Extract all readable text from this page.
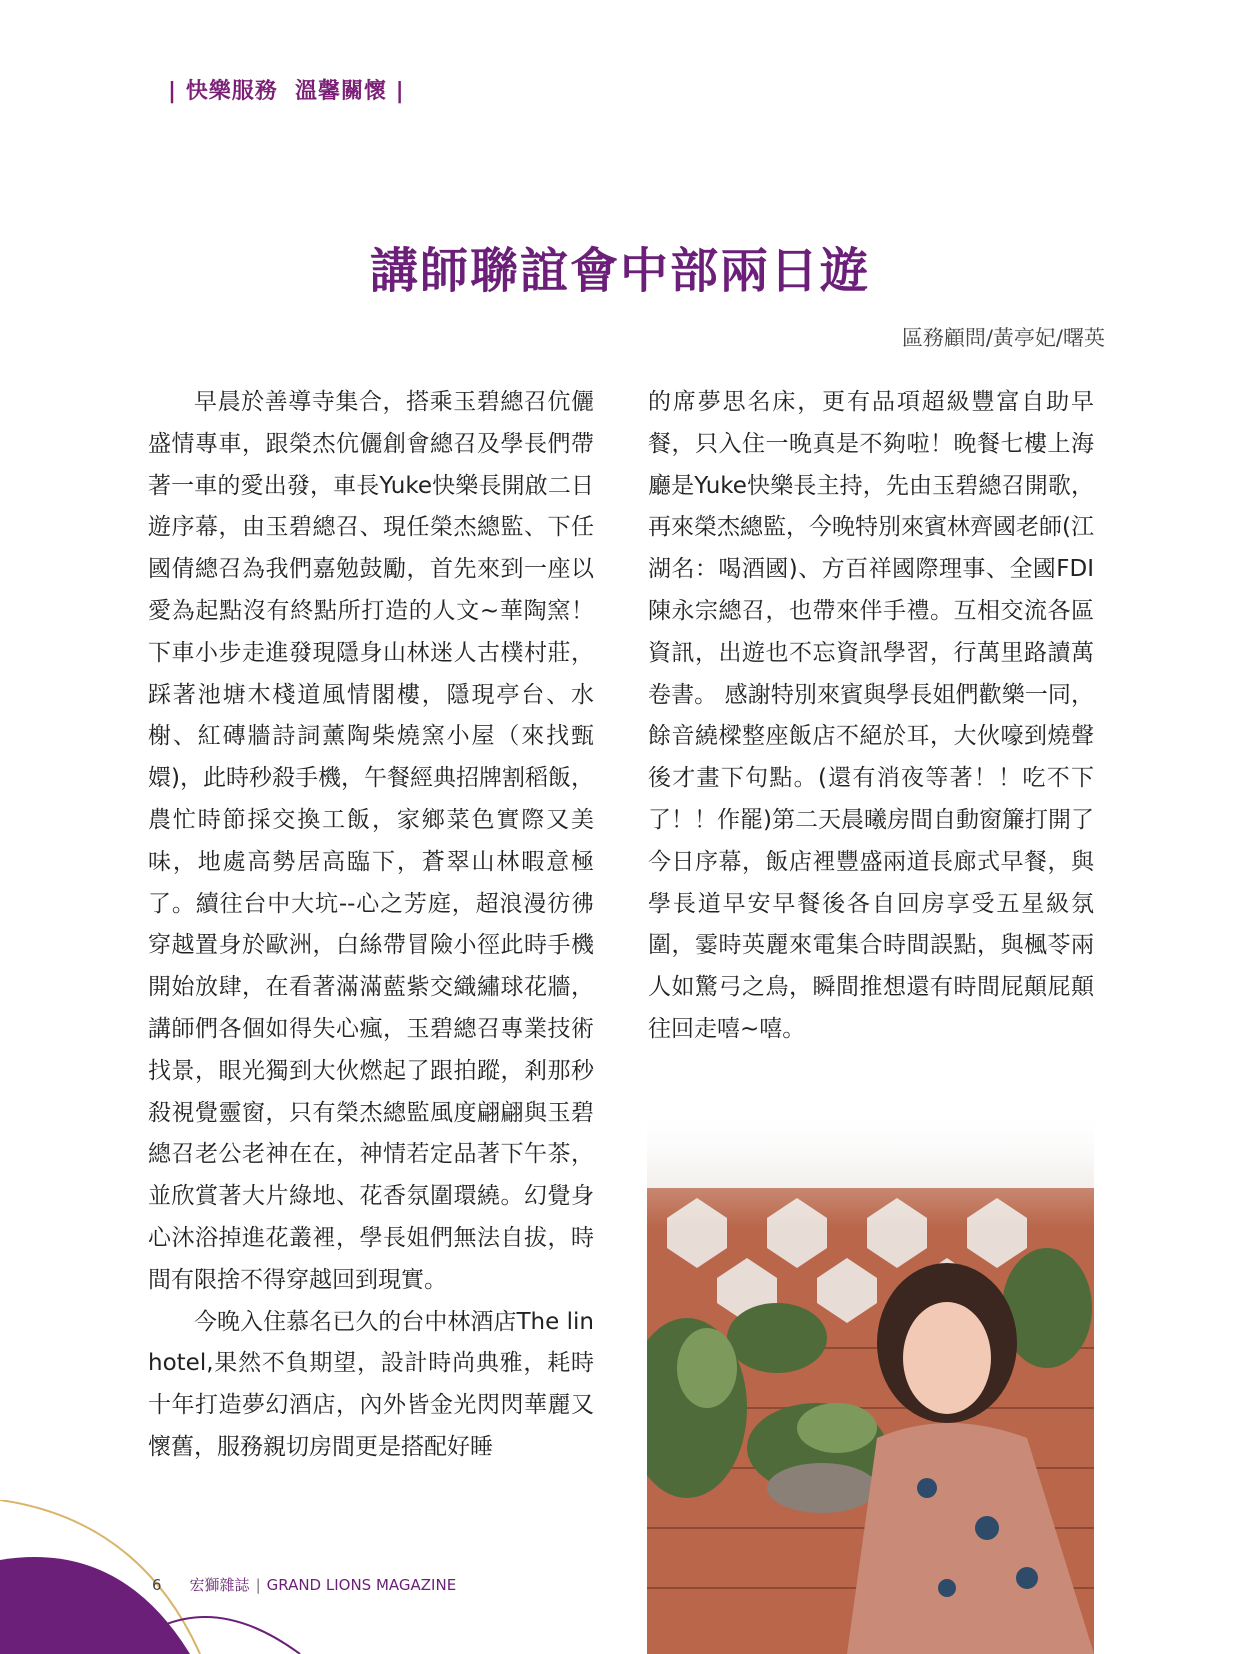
| 快樂服務  溫馨關懷 |
講師聯誼會中部兩日遊
區務顧問/黃亭妃/曙英

早晨於善導寺集合，搭乘玉碧總召伉儷盛情專車，跟榮杰伉儷創會總召及學長們帶著一車的愛出發，車長Yuke快樂長開啟二日遊序幕，由玉碧總召、現任榮杰總監、下任國倩總召為我們嘉勉鼓勵，首先來到一座以愛為起點沒有終點所打造的人文~華陶窯！下車小步走進發現隱身山林迷人古樸村莊，踩著池塘木棧道風情閣樓，隱現亭台、水榭、紅磚牆詩詞薰陶柴燒窯小屋（來找甄嬛)，此時秒殺手機，午餐經典招牌割稻飯，農忙時節採交換工飯，家鄉菜色實際又美味，地處高勢居高臨下，蒼翠山林暇意極了。續往台中大坑--心之芳庭，超浪漫彷彿穿越置身於歐洲，白絲帶冒險小徑此時手機開始放肆，在看著滿滿藍紫交織繡球花牆，講師們各個如得失心瘋，玉碧總召專業技術找景，眼光獨到大伙燃起了跟拍蹤，剎那秒殺視覺靈窗，只有榮杰總監風度翩翩與玉碧總召老公老神在在，神情若定品著下午茶，並欣賞著大片綠地、花香氛圍環繞。幻覺身心沐浴掉進花叢裡，學長姐們無法自拔，時間有限捨不得穿越回到現實。

今晚入住慕名已久的台中林酒店The lin hotel,果然不負期望，設計時尚典雅，耗時十年打造夢幻酒店，內外皆金光閃閃華麗又懷舊，服務親切房間更是搭配好睡

的席夢思名床，更有品項超級豐富自助早餐，只入住一晚真是不夠啦！晚餐七樓上海廳是Yuke快樂長主持，先由玉碧總召開歌，再來榮杰總監，今晚特別來賓林齊國老師(江湖名：喝酒國)、方百祥國際理事、全國FDI陳永宗總召，也帶來伴手禮。互相交流各區資訊，出遊也不忘資訊學習，行萬里路讀萬卷書。 感謝特別來賓與學長姐們歡樂一同，餘音繞樑整座飯店不絕於耳，大伙嚎到燒聲後才畫下句點。(還有消夜等著！！吃不下了！！作罷)第二天晨曦房間自動窗簾打開了今日序幕，飯店裡豐盛兩道長廊式早餐，與學長道早安早餐後各自回房享受五星級氛圍，霎時英麗來電集合時間誤點，與楓苓兩人如驚弓之鳥，瞬間推想還有時間屁顛屁顛往回走嘻~嘻。

6 宏獅雜誌 | GRAND LIONS MAGAZINE
